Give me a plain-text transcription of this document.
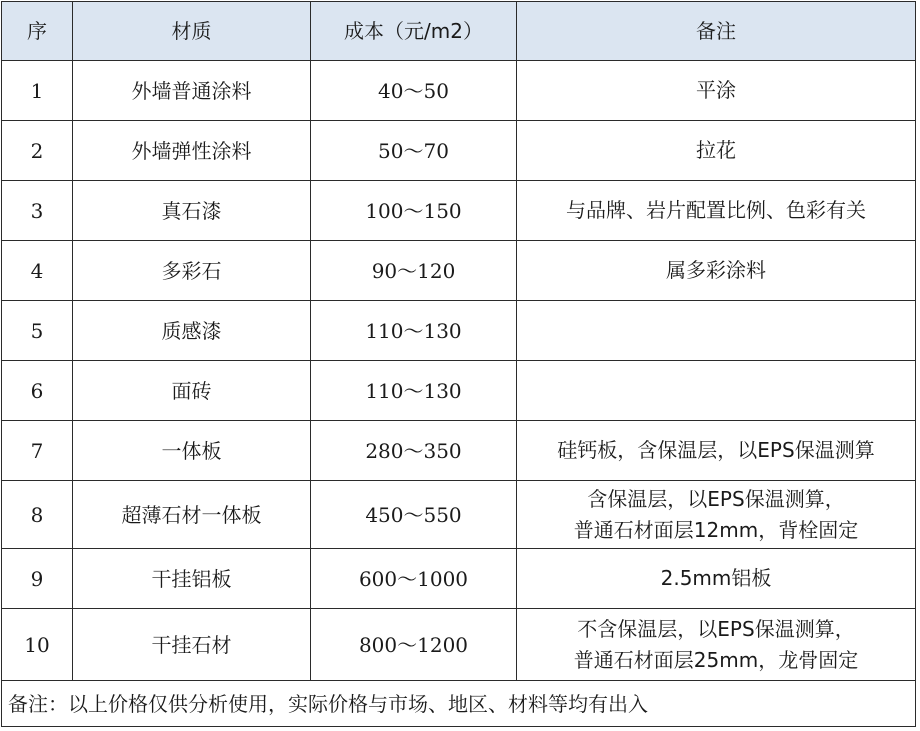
序	材质	成本（元/m2）	备注
1	外墙普通涂料	40～50	平涂

2	外墙弹性涂料	50～70	拉花

3	真石漆	100～150	与品牌、岩片配置比例、色彩有关

4	多彩石	90～120	属多彩涂料

5	质感漆	110～130	

6	面砖	110～130	

7	一体板	280～350	硅钙板，含保温层，以EPS保温测算

8	超薄石材一体板	450～550	含保温层，以EPS保温测算，
普通石材面层12mm，背栓固定

9	干挂铝板	600～1000	2.5mm铝板

10	干挂石材	800～1200	不含保温层，以EPS保温测算，
普通石材面层25mm，龙骨固定

备注：以上价格仅供分析使用，实际价格与市场、地区、材料等均有出入			
